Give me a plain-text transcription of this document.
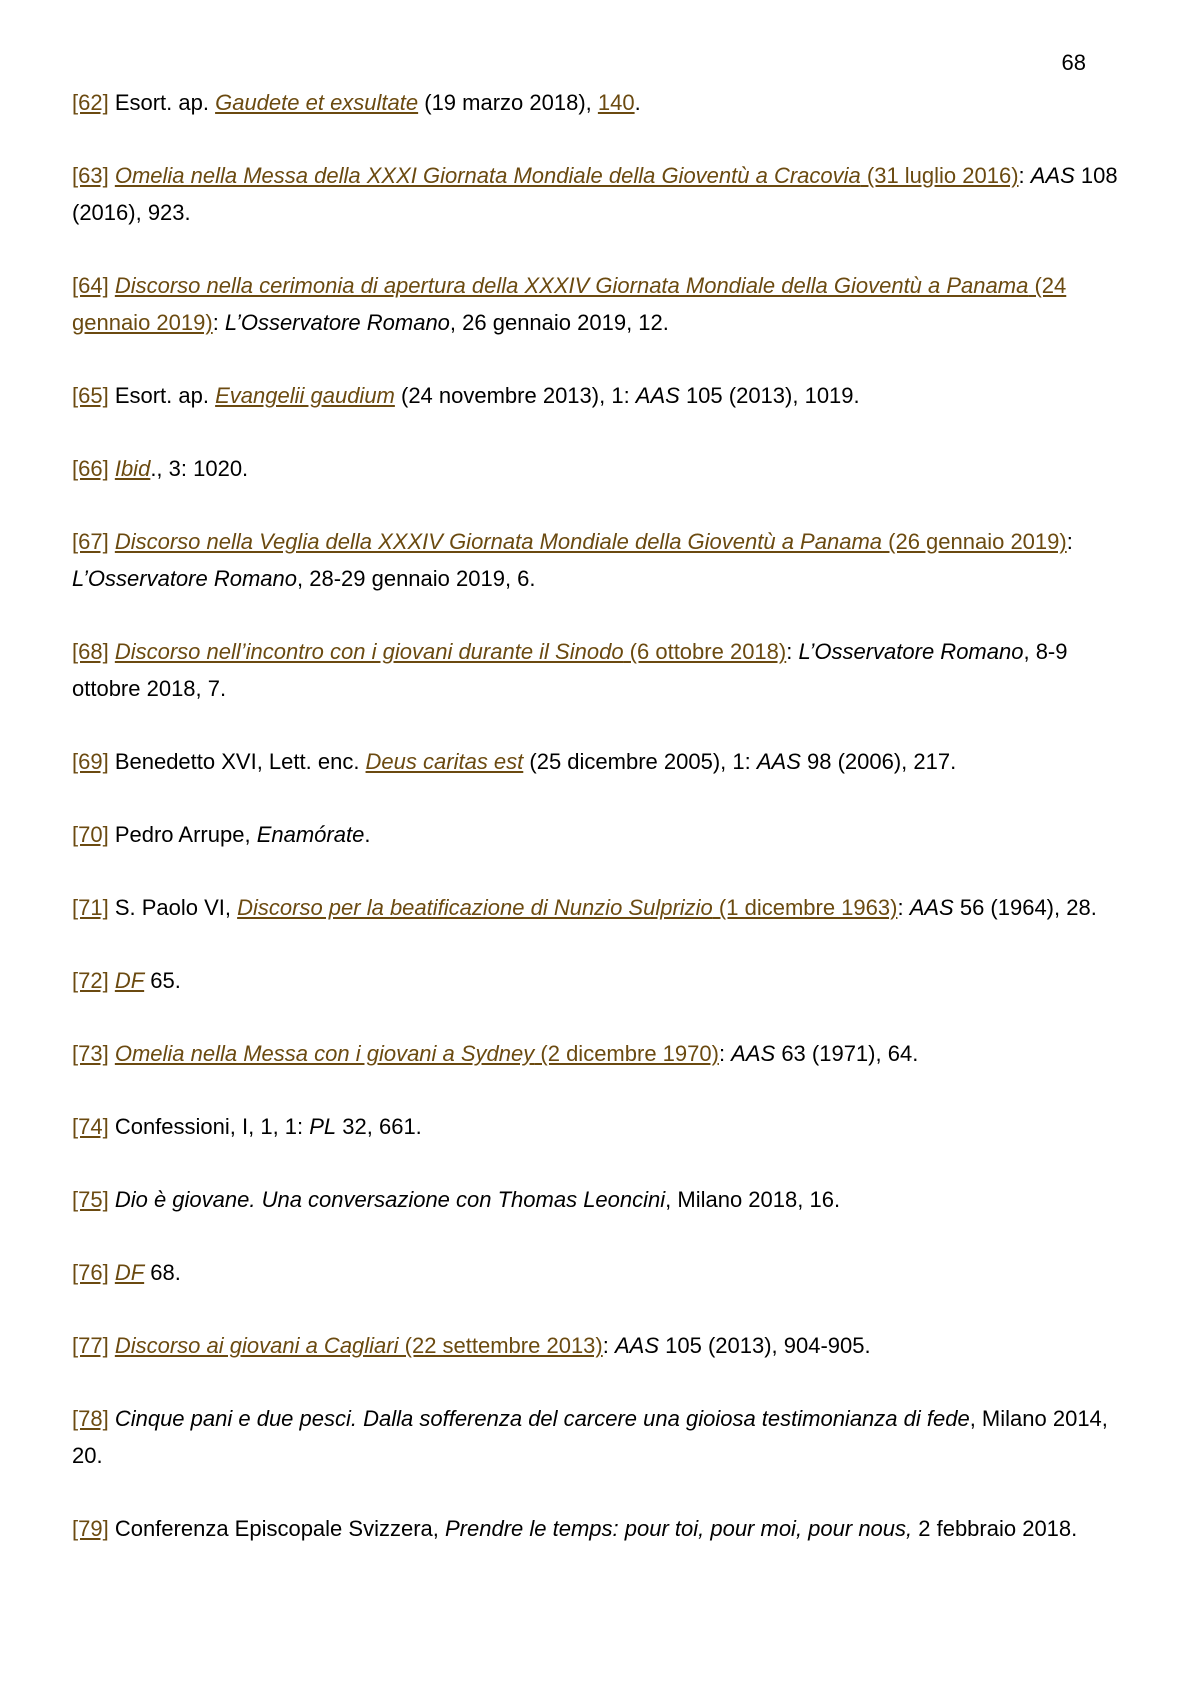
68

[62] Esort. ap. Gaudete et exsultate (19 marzo 2018), 140.

[63] Omelia nella Messa della XXXI Giornata Mondiale della Gioventù a Cracovia (31 luglio 2016): AAS 108 (2016), 923.

[64] Discorso nella cerimonia di apertura della XXXIV Giornata Mondiale della Gioventù a Panama (24 gennaio 2019): L’Osservatore Romano, 26 gennaio 2019, 12.

[65] Esort. ap. Evangelii gaudium (24 novembre 2013), 1: AAS 105 (2013), 1019.

[66] Ibid., 3: 1020.

[67] Discorso nella Veglia della XXXIV Giornata Mondiale della Gioventù a Panama (26 gennaio 2019): L’Osservatore Romano, 28-29 gennaio 2019, 6.

[68] Discorso nell’incontro con i giovani durante il Sinodo (6 ottobre 2018): L’Osservatore Romano, 8-9 ottobre 2018, 7.

[69] Benedetto XVI, Lett. enc. Deus caritas est (25 dicembre 2005), 1: AAS 98 (2006), 217.

[70] Pedro Arrupe, Enamórate.

[71] S. Paolo VI, Discorso per la beatificazione di Nunzio Sulprizio (1 dicembre 1963): AAS 56 (1964), 28.

[72] DF 65.

[73] Omelia nella Messa con i giovani a Sydney (2 dicembre 1970): AAS 63 (1971), 64.

[74] Confessioni, I, 1, 1: PL 32, 661.

[75] Dio è giovane. Una conversazione con Thomas Leoncini, Milano 2018, 16.

[76] DF 68.

[77] Discorso ai giovani a Cagliari (22 settembre 2013): AAS 105 (2013), 904-905.

[78] Cinque pani e due pesci. Dalla sofferenza del carcere una gioiosa testimonianza di fede, Milano 2014, 20.

[79] Conferenza Episcopale Svizzera, Prendre le temps: pour toi, pour moi, pour nous, 2 febbraio 2018.
